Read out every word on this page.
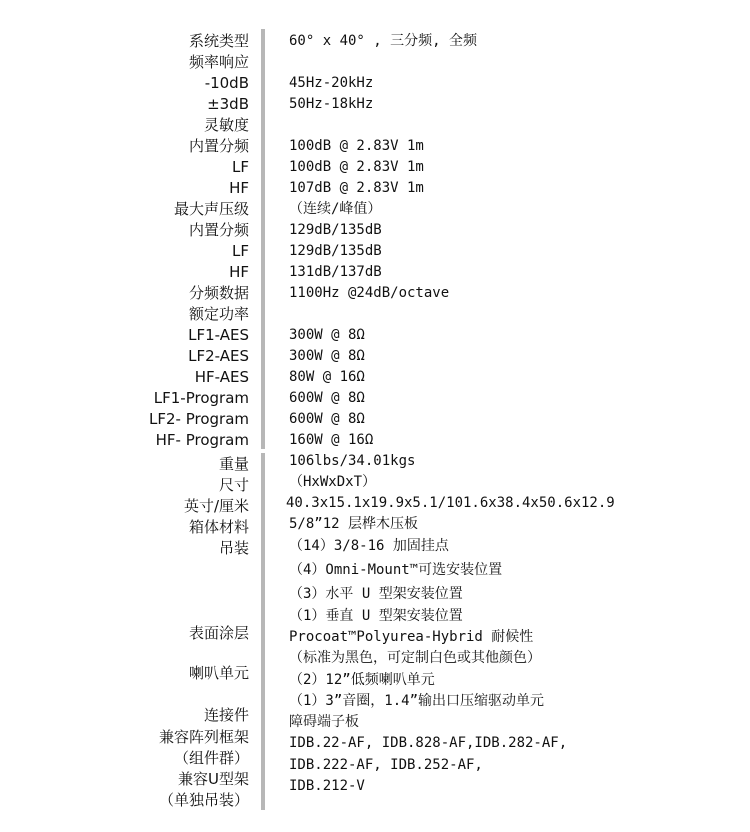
系统类型
频率响应
-10dB
±3dB
灵敏度
内置分频
LF
HF
最大声压级
内置分频
LF
HF
分频数据
额定功率
LF1-AES
LF2-AES
HF-AES
LF1-Program
LF2- Program
HF- Program
重量
尺寸
英寸/厘米
箱体材料
吊装
表面涂层
喇叭单元
连接件
兼容阵列框架
（组件群）
兼容U型架
（单独吊装）
60° x 40° , 三分频, 全频
45Hz-20kHz
50Hz-18kHz
100dB @ 2.83V 1m
100dB @ 2.83V 1m
107dB @ 2.83V 1m
（连续/峰值）
129dB/135dB
129dB/135dB
131dB/137dB
1100Hz @24dB/octave
300W @ 8Ω
300W @ 8Ω
80W @ 16Ω
600W @ 8Ω
600W @ 8Ω
160W @ 16Ω
106lbs/34.01kgs
（HxWxDxT）
40.3x15.1x19.9x5.1/101.6x38.4x50.6x12.9
5/8”12 层桦木压板
（14）3/8-16 加固挂点
（4）Omni-Mount™可选安装位置
（3）水平 U 型架安装位置
（1）垂直 U 型架安装位置
Procoat™Polyurea-Hybrid 耐候性
（标准为黑色，可定制白色或其他颜色）
（2）12”低频喇叭单元
（1）3”音圈，1.4”输出口压缩驱动单元
障碍端子板
IDB.22-AF, IDB.828-AF,IDB.282-AF,
IDB.222-AF, IDB.252-AF,
IDB.212-V
